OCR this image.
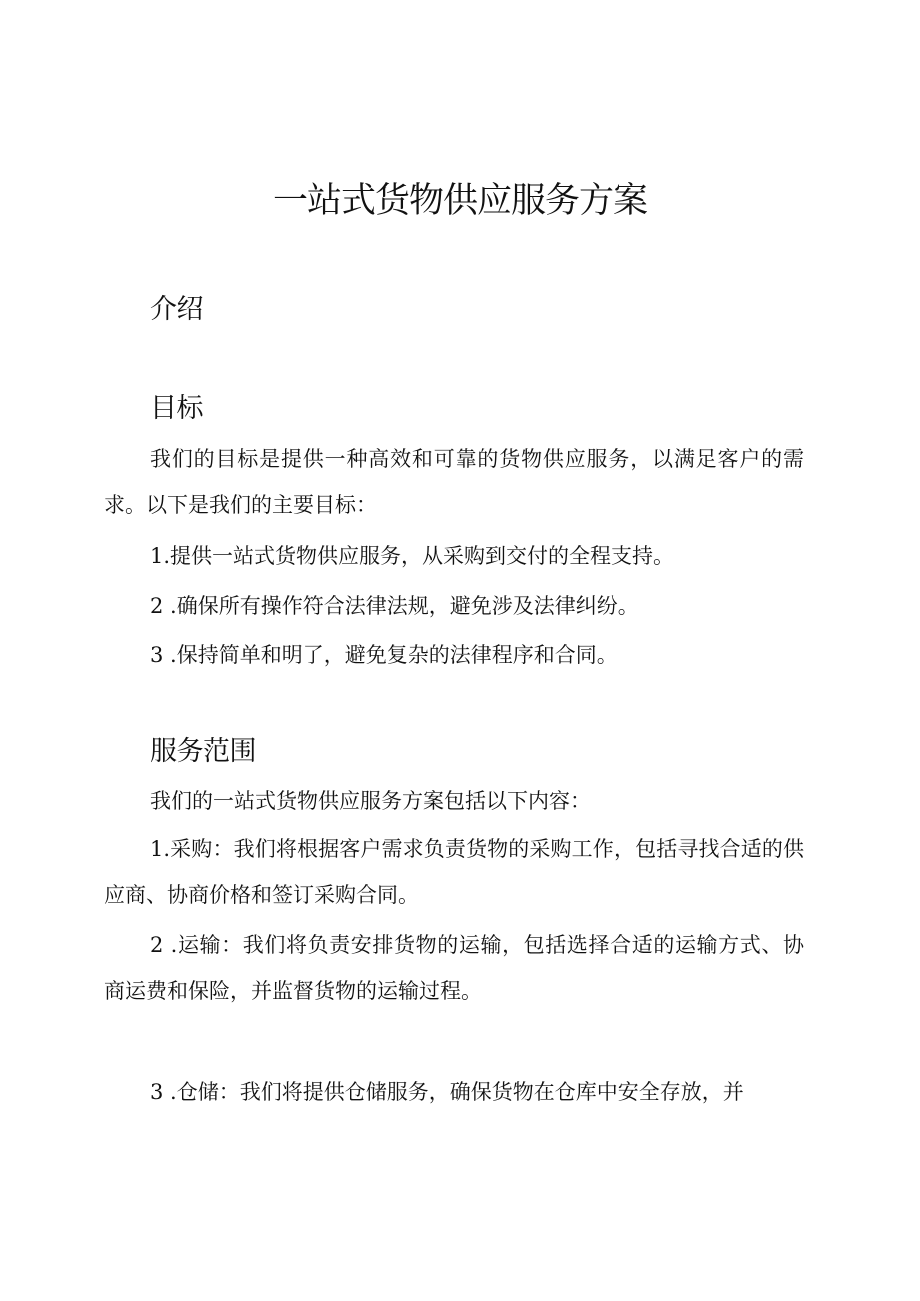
一站式货物供应服务方案
介绍
目标

我们的目标是提供一种高效和可靠的货物供应服务，以满足客户的需求。以下是我们的主要目标：

1.提供一站式货物供应服务，从采购到交付的全程支持。

2 .确保所有操作符合法律法规，避免涉及法律纠纷。

3 .保持简单和明了，避免复杂的法律程序和合同。

服务范围

我们的一站式货物供应服务方案包括以下内容：

1.采购：我们将根据客户需求负责货物的采购工作，包括寻找合适的供应商、协商价格和签订采购合同。

2 .运输：我们将负责安排货物的运输，包括选择合适的运输方式、协商运费和保险，并监督货物的运输过程。

3 .仓储：我们将提供仓储服务，确保货物在仓库中安全存放，并
